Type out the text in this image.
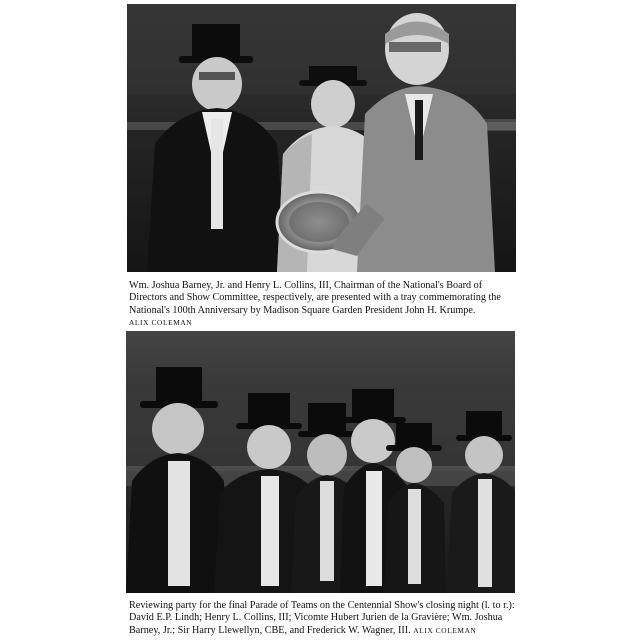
Wm. Joshua Barney, Jr. and Henry L. Collins, III, Chairman of the National's Board of Directors and Show Committee, respectively, are presented with a tray commemorating the National's 100th Anniversary by Madison Square Garden President John H. Krumpe.
ALIX COLEMAN
Reviewing party for the final Parade of Teams on the Centennial Show's closing night (l. to r.): David E.P. Lindh; Henry L. Collins, III; Vicomte Hubert Jurien de la Gravière; Wm. Joshua Barney, Jr.; Sir Harry Llewellyn, CBE, and Frederick W. Wagner, III. ALIX COLEMAN
